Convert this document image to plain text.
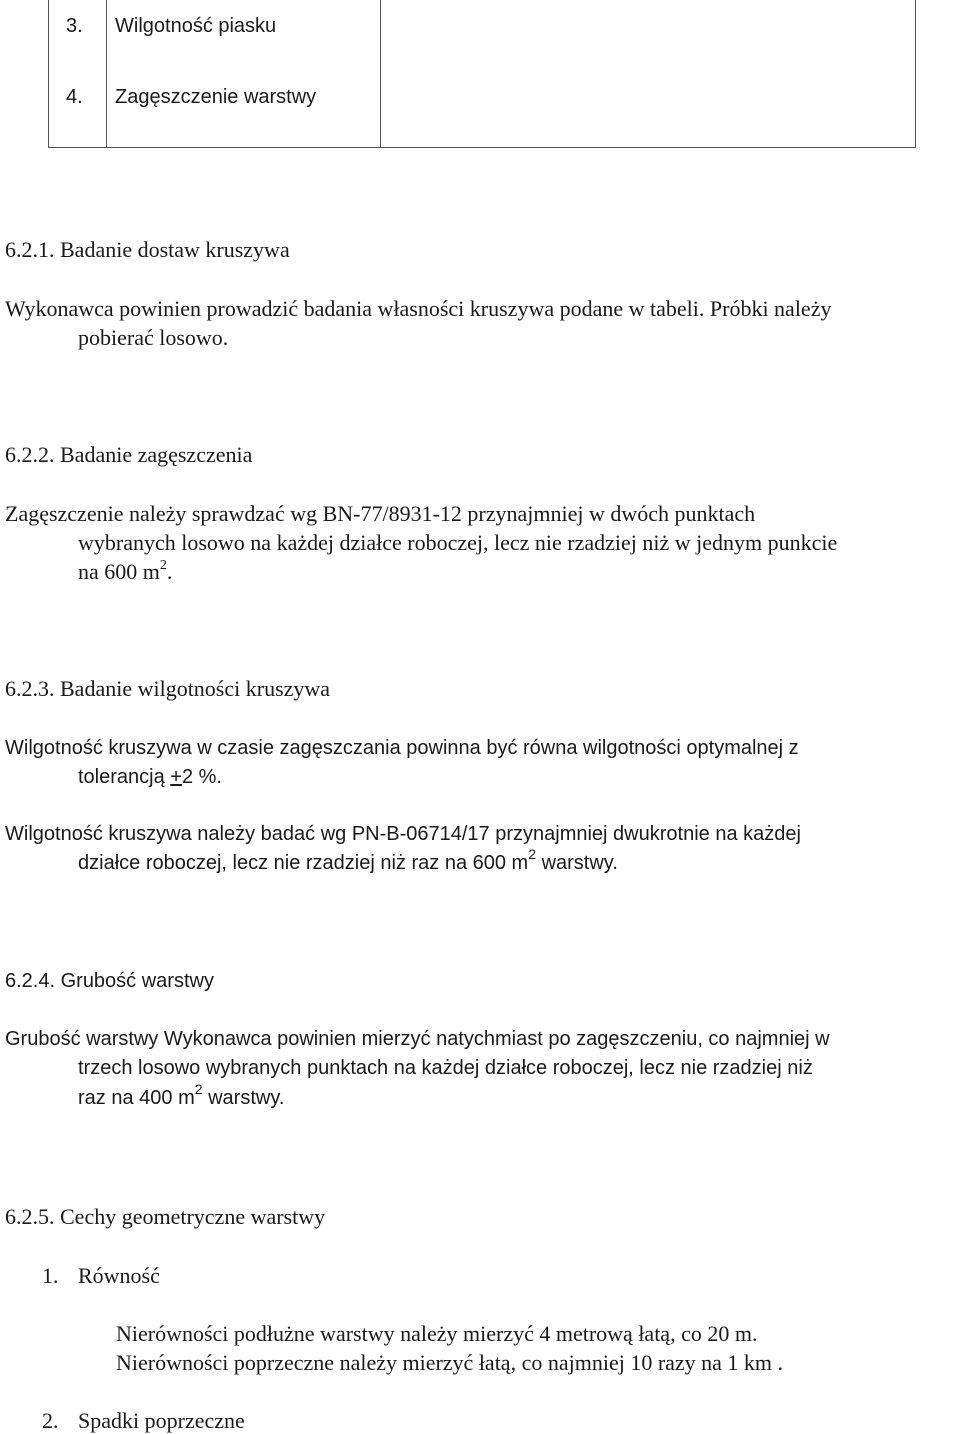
3. Wilgotność piasku
4. Zagęszczenie warstwy
6.2.1. Badanie dostaw kruszywa
Wykonawca powinien prowadzić badania własności kruszywa podane w tabeli. Próbki należy
pobierać losowo.
6.2.2. Badanie zagęszczenia
Zagęszczenie należy sprawdzać wg BN-77/8931-12 przynajmniej w dwóch punktach
wybranych losowo na każdej działce roboczej, lecz nie rzadziej niż w jednym punkcie
na 600 $m^2$.
6.2.3. Badanie wilgotności kruszywa
Wilgotność kruszywa w czasie zagęszczania powinna być równa wilgotności optymalnej z
tolerancją +2 %.
Wilgotność kruszywa należy badać wg PN-B-06714/17 przynajmniej dwukrotnie na każdej
działce roboczej, lecz nie rzadziej niż raz na 600 $m^2$ warstwy.
6.2.4. Grubość warstwy
Grubość warstwy Wykonawca powinien mierzyć natychmiast po zagęszczeniu, co najmniej w
trzech losowo wybranych punktach na każdej działce roboczej, lecz nie rzadziej niż
raz na 400 $m^2$ warstwy.
6.2.5. Cechy geometryczne warstwy
1. Równość
Nierówności podłużne warstwy należy mierzyć 4 metrową łatą, co 20 m.
Nierówności poprzeczne należy mierzyć łatą, co najmniej 10 razy na 1 km .
2. Spadki poprzeczne
